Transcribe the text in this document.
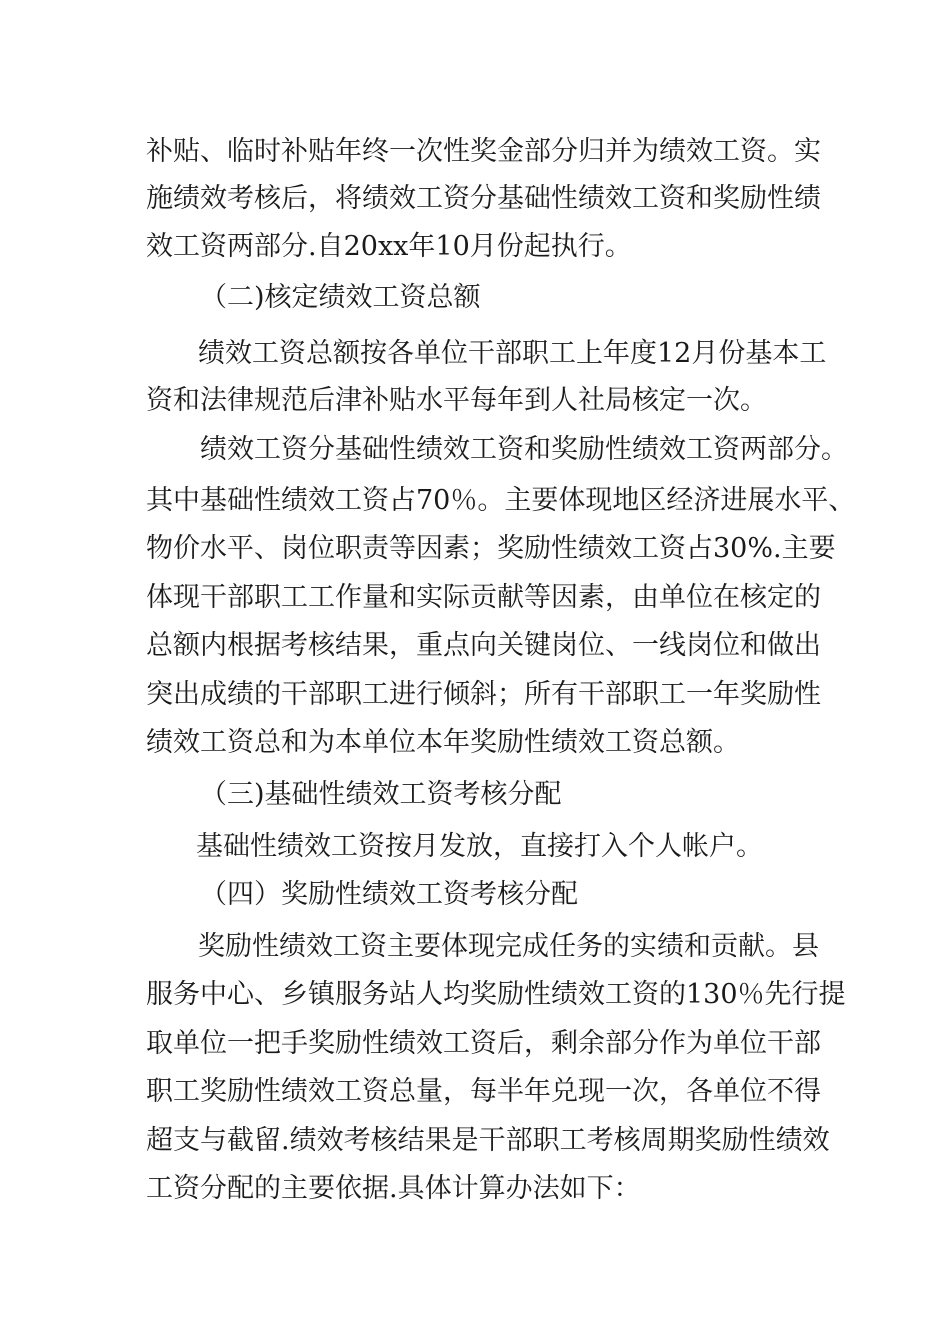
补贴、临时补贴年终一次性奖金部分归并为绩效工资。实

施绩效考核后，将绩效工资分基础性绩效工资和奖励性绩

效工资两部分.自20xx年10月份起执行。

（二)核定绩效工资总额

绩效工资总额按各单位干部职工上年度12月份基本工

资和法律规范后津补贴水平每年到人社局核定一次。

绩效工资分基础性绩效工资和奖励性绩效工资两部分。

其中基础性绩效工资占70％。主要体现地区经济进展水平、

物价水平、岗位职责等因素；奖励性绩效工资占30%.主要

体现干部职工工作量和实际贡献等因素，由单位在核定的

总额内根据考核结果，重点向关键岗位、一线岗位和做出

突出成绩的干部职工进行倾斜；所有干部职工一年奖励性

绩效工资总和为本单位本年奖励性绩效工资总额。

（三)基础性绩效工资考核分配

基础性绩效工资按月发放，直接打入个人帐户。

（四）奖励性绩效工资考核分配

奖励性绩效工资主要体现完成任务的实绩和贡献。县

服务中心、乡镇服务站人均奖励性绩效工资的130％先行提

取单位一把手奖励性绩效工资后，剩余部分作为单位干部

职工奖励性绩效工资总量，每半年兑现一次，各单位不得

超支与截留.绩效考核结果是干部职工考核周期奖励性绩效

工资分配的主要依据.具体计算办法如下：
